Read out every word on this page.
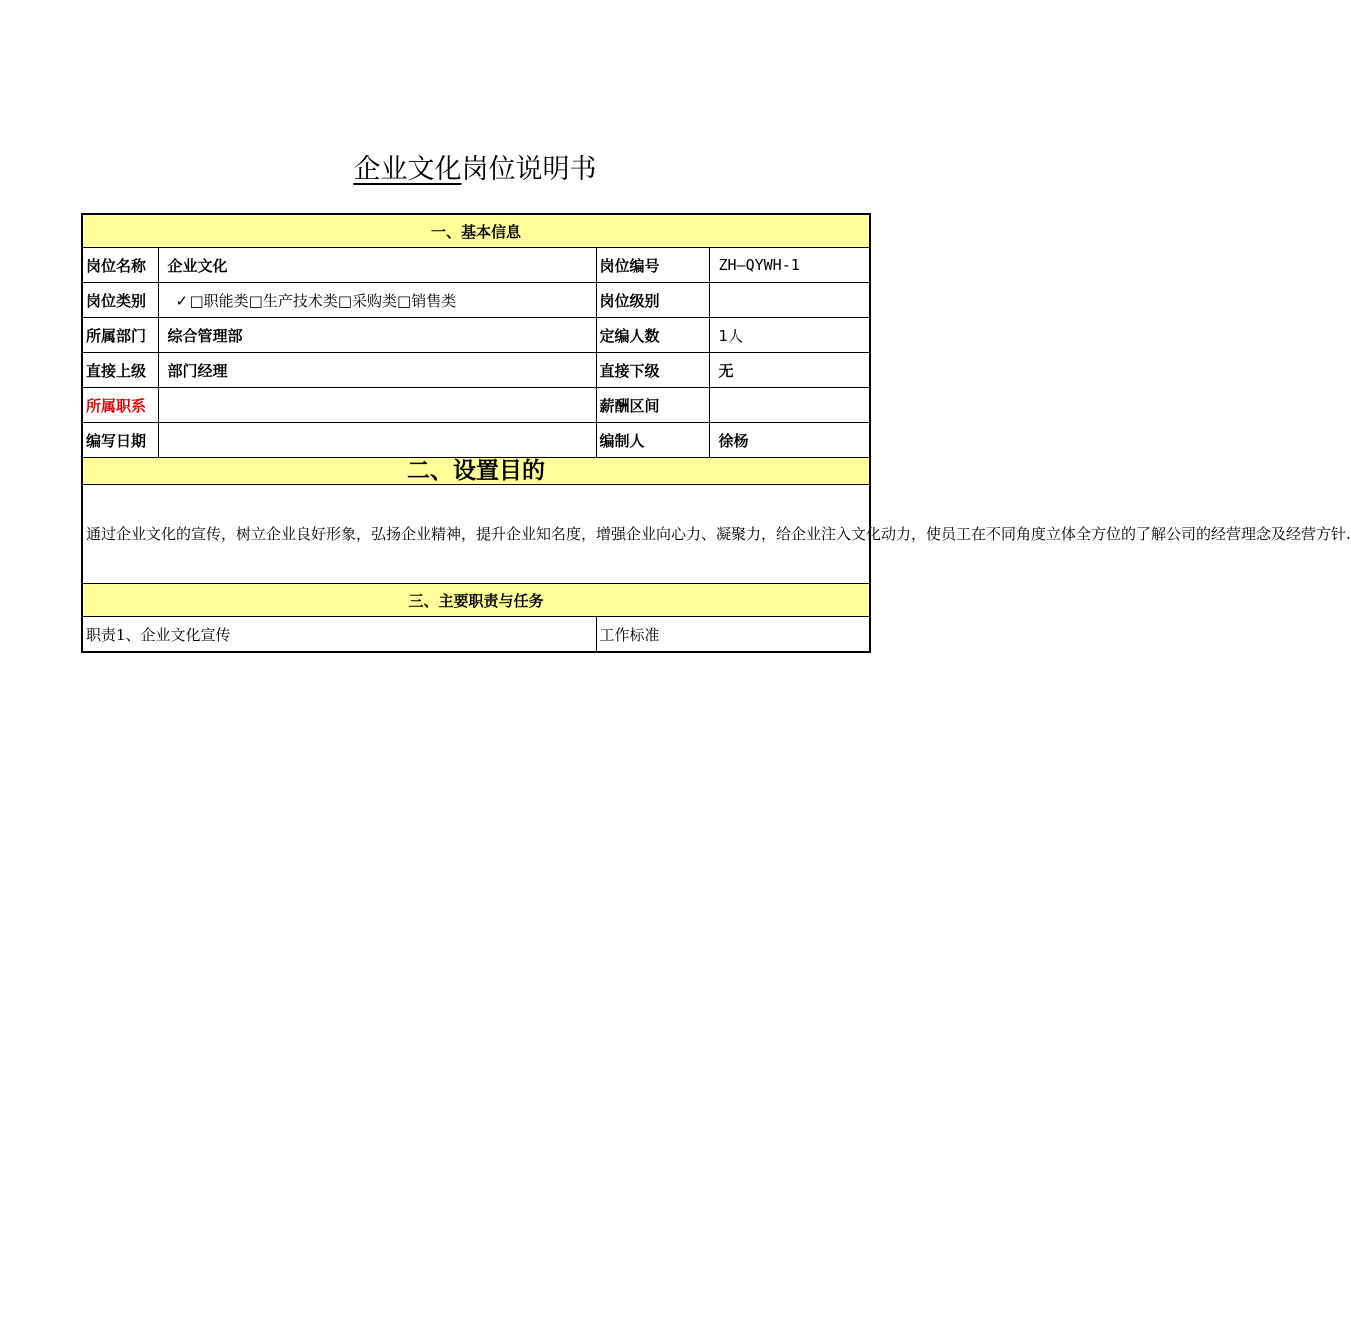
企业文化岗位说明书
一、基本信息			
岗位名称	企业文化	岗位编号	ZH—QYWH-1
岗位类别	✓□职能类□生产技术类□采购类□销售类	岗位级别	
所属部门	综合管理部	定编人数	1人
直接上级	部门经理	直接下级	无
所属职系		薪酬区间	
编写日期		编制人	徐杨
二、设置目的			
通过企业文化的宣传，树立企业良好形象，弘扬企业精神，提升企业知名度，增强企业向心力、凝聚力，给企业注入文化动力，使员工在不同角度立体全方位的了解公司的经营理念及经营方针.			
三、主要职责与任务			
职责1、企业文化宣传		工作标准	
